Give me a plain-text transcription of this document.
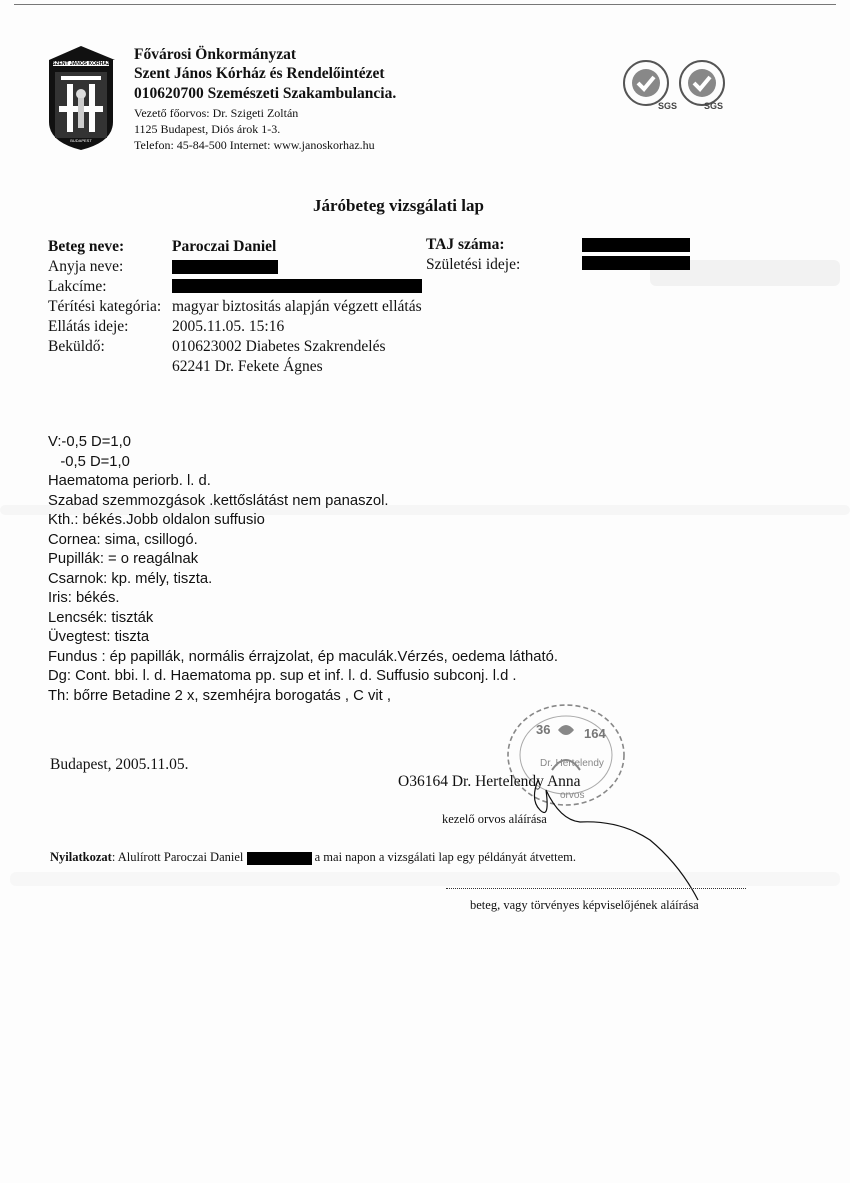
SZENT JÁNOS KÓRHÁZ
BUDAPEST
Fővárosi Önkormányzat
Szent János Kórház és Rendelőintézet
010620700 Szemészeti Szakambulancia.
Vezető főorvos: Dr. Szigeti Zoltán
1125 Budapest, Diós árok 1-3.
Telefon: 45-84-500 Internet: www.janoskorhaz.hu
SGS	SGS
Járóbeteg vizsgálati lap
Beteg neve:	Paroczai Daniel	TAJ száma:
Anyja neve:	Születési ideje:
Lakcíme:
Térítési kategória: magyar biztositás alapján végzett ellátás
Ellátás ideje:	2005.11.05. 15:16
Beküldő:	010623002 Diabetes Szakrendelés
62241 Dr. Fekete Ágnes
V:-0,5 D=1,0
-0,5 D=1,0
Haematoma periorb. l. d.
Szabad szemmozgások .kettőslátást nem panaszol.
Kth.: békés.Jobb oldalon suffusio
Cornea: sima, csillogó.
Pupillák: = o reagálnak
Csarnok: kp. mély, tiszta.
Iris: békés.
Lencsék: tiszták
Üvegtest: tiszta
Fundus : ép papillák, normális érrajzolat, ép maculák.Vérzés, oedema látható.
Dg: Cont. bbi. l. d. Haematoma pp. sup et inf. l. d. Suffusio subconj. l.d .
Th: bőrre Betadine 2 x, szemhéjra borogatás , C vit ,
36	164
Dr. Hertelendy
orvos
Budapest, 2005.11.05.
O36164 Dr. Hertelendy Anna
kezelő orvos aláírása
Nyilatkozat: Alulírott Paroczai Daniel	a mai napon a vizsgálati lap egy példányát átvettem.
beteg, vagy törvényes képviselőjének aláírása
